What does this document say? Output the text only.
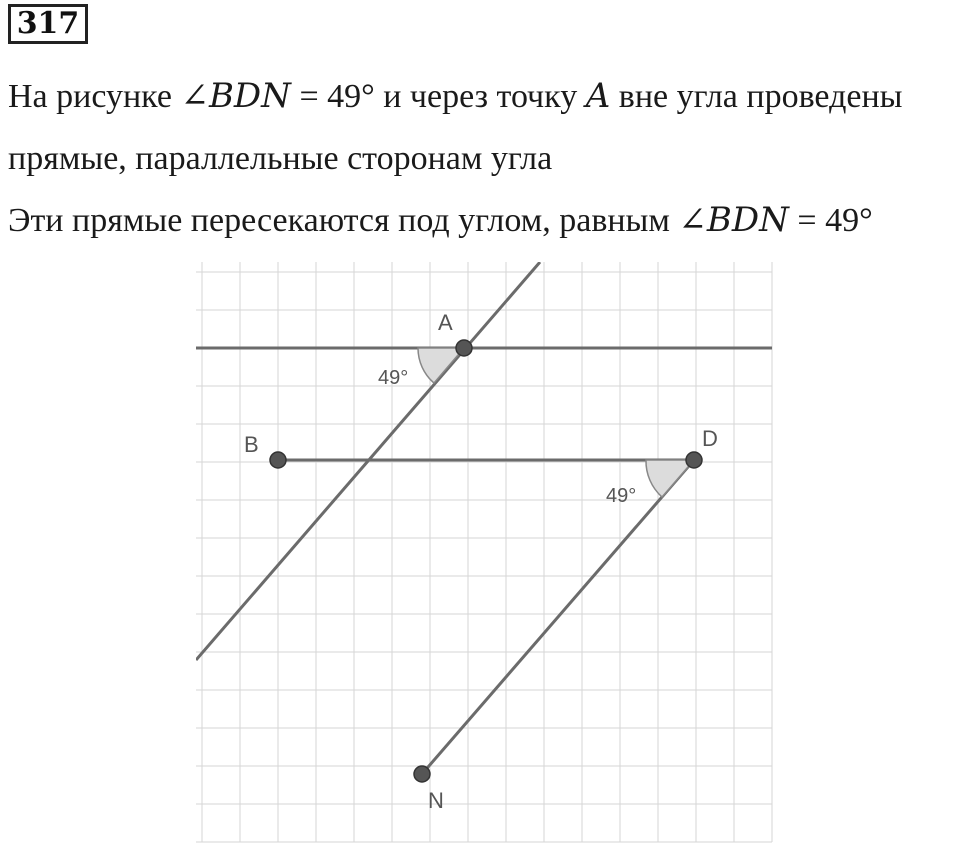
317
На рисунке ∠BDN = 49° и через точку A вне угла проведены
прямые, параллельные сторонам угла
Эти прямые пересекаются под углом, равным ∠BDN = 49°
A
B	D
N
49°
49°
